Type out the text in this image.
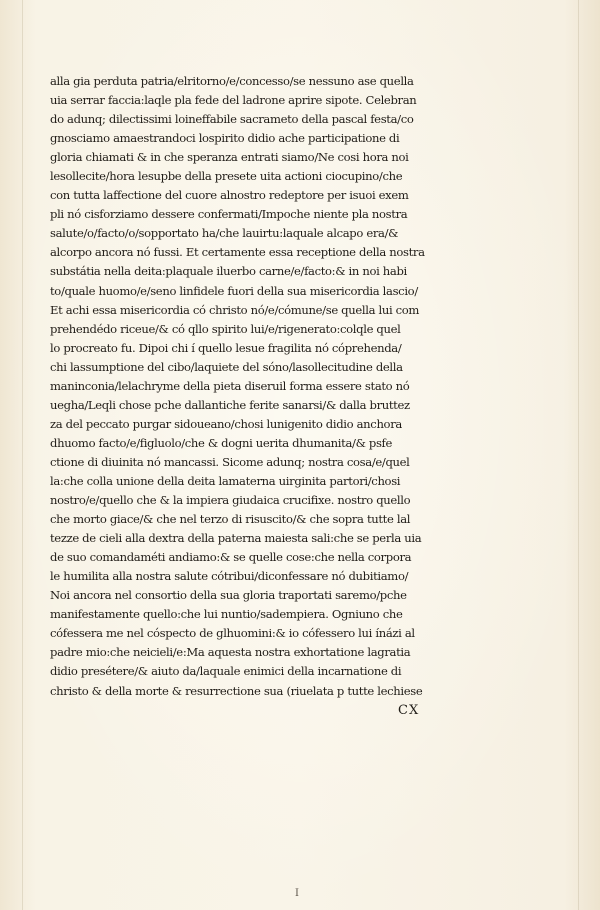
alla gia perduta patria/elritorno/e/concesso/se nessuno ase quella
uia serrar faccia:laqle pla fede del ladrone aprire sipote. Celebran
do adunq; dilectissimi loineffabile sacrameto della pascal festa/co
gnosciamo amaestrandoci lospirito didio ache participatione di
gloria chiamati & in che speranza entrati siamo/Ne cosi hora noi
lesollecite/hora lesupbe della presete uita actioni ciocupino/che
con tutta laffectione del cuore alnostro redeptore per isuoi exem
pli nó cisforziamo dessere confermati/Impoche niente pla nostra
salute/o/facto/o/sopportato ha/che lauirtu:laquale alcapo era/&
alcorpo ancora nó fussi. Et certamente essa receptione della nostra
substátia nella deita:plaquale iluerbo carne/e/facto:& in noi habi
to/quale huomo/e/seno linfidele fuori della sua misericordia lascio/
Et achi essa misericordia có christo nó/e/cómune/se quella lui com
prehendédo riceue/& có qllo spirito lui/e/rigenerato:colqle quel
lo procreato fu. Dipoi chi í quello lesue fragilita nó cóprehenda/
chi lassumptione del cibo/laquiete del sóno/lasollecitudine della
maninconia/lelachryme della pieta diseruil forma essere stato nó
uegha/Leqli chose pche dallantiche ferite sanarsi/& dalla bruttez
za del peccato purgar sidoueano/chosi lunigenito didio anchora
dhuomo facto/e/figluolo/che & dogni uerita dhumanita/& psfe
ctione di diuinita nó mancassi. Sicome adunq; nostra cosa/e/quel
la:che colla unione della deita lamaterna uirginita partori/chosi
nostro/e/quello che & la impiera giudaica crucifixe. nostro quello
che morto giace/& che nel terzo di risuscito/& che sopra tutte lal
tezze de cieli alla dextra della paterna maiesta sali:che se perla uia
de suo comandaméti andiamo:& se quelle cose:che nella corpora
le humilita alla nostra salute cótribui/diconfessare nó dubitiamo/
Noi ancora nel consortio della sua gloria traportati saremo/pche
manifestamente quello:che lui nuntio/sadempiera. Ogniuno che
cófessera me nel cóspecto de glhuomini:& io cófessero lui ínázi al
padre mio:che neicieli/e:Ma aquesta nostra exhortatione lagratia
didio presétere/& aiuto da/laquale enimici della incarnatione di
christo & della morte & resurrectione sua (riuelata p tutte lechiese
CX
I
